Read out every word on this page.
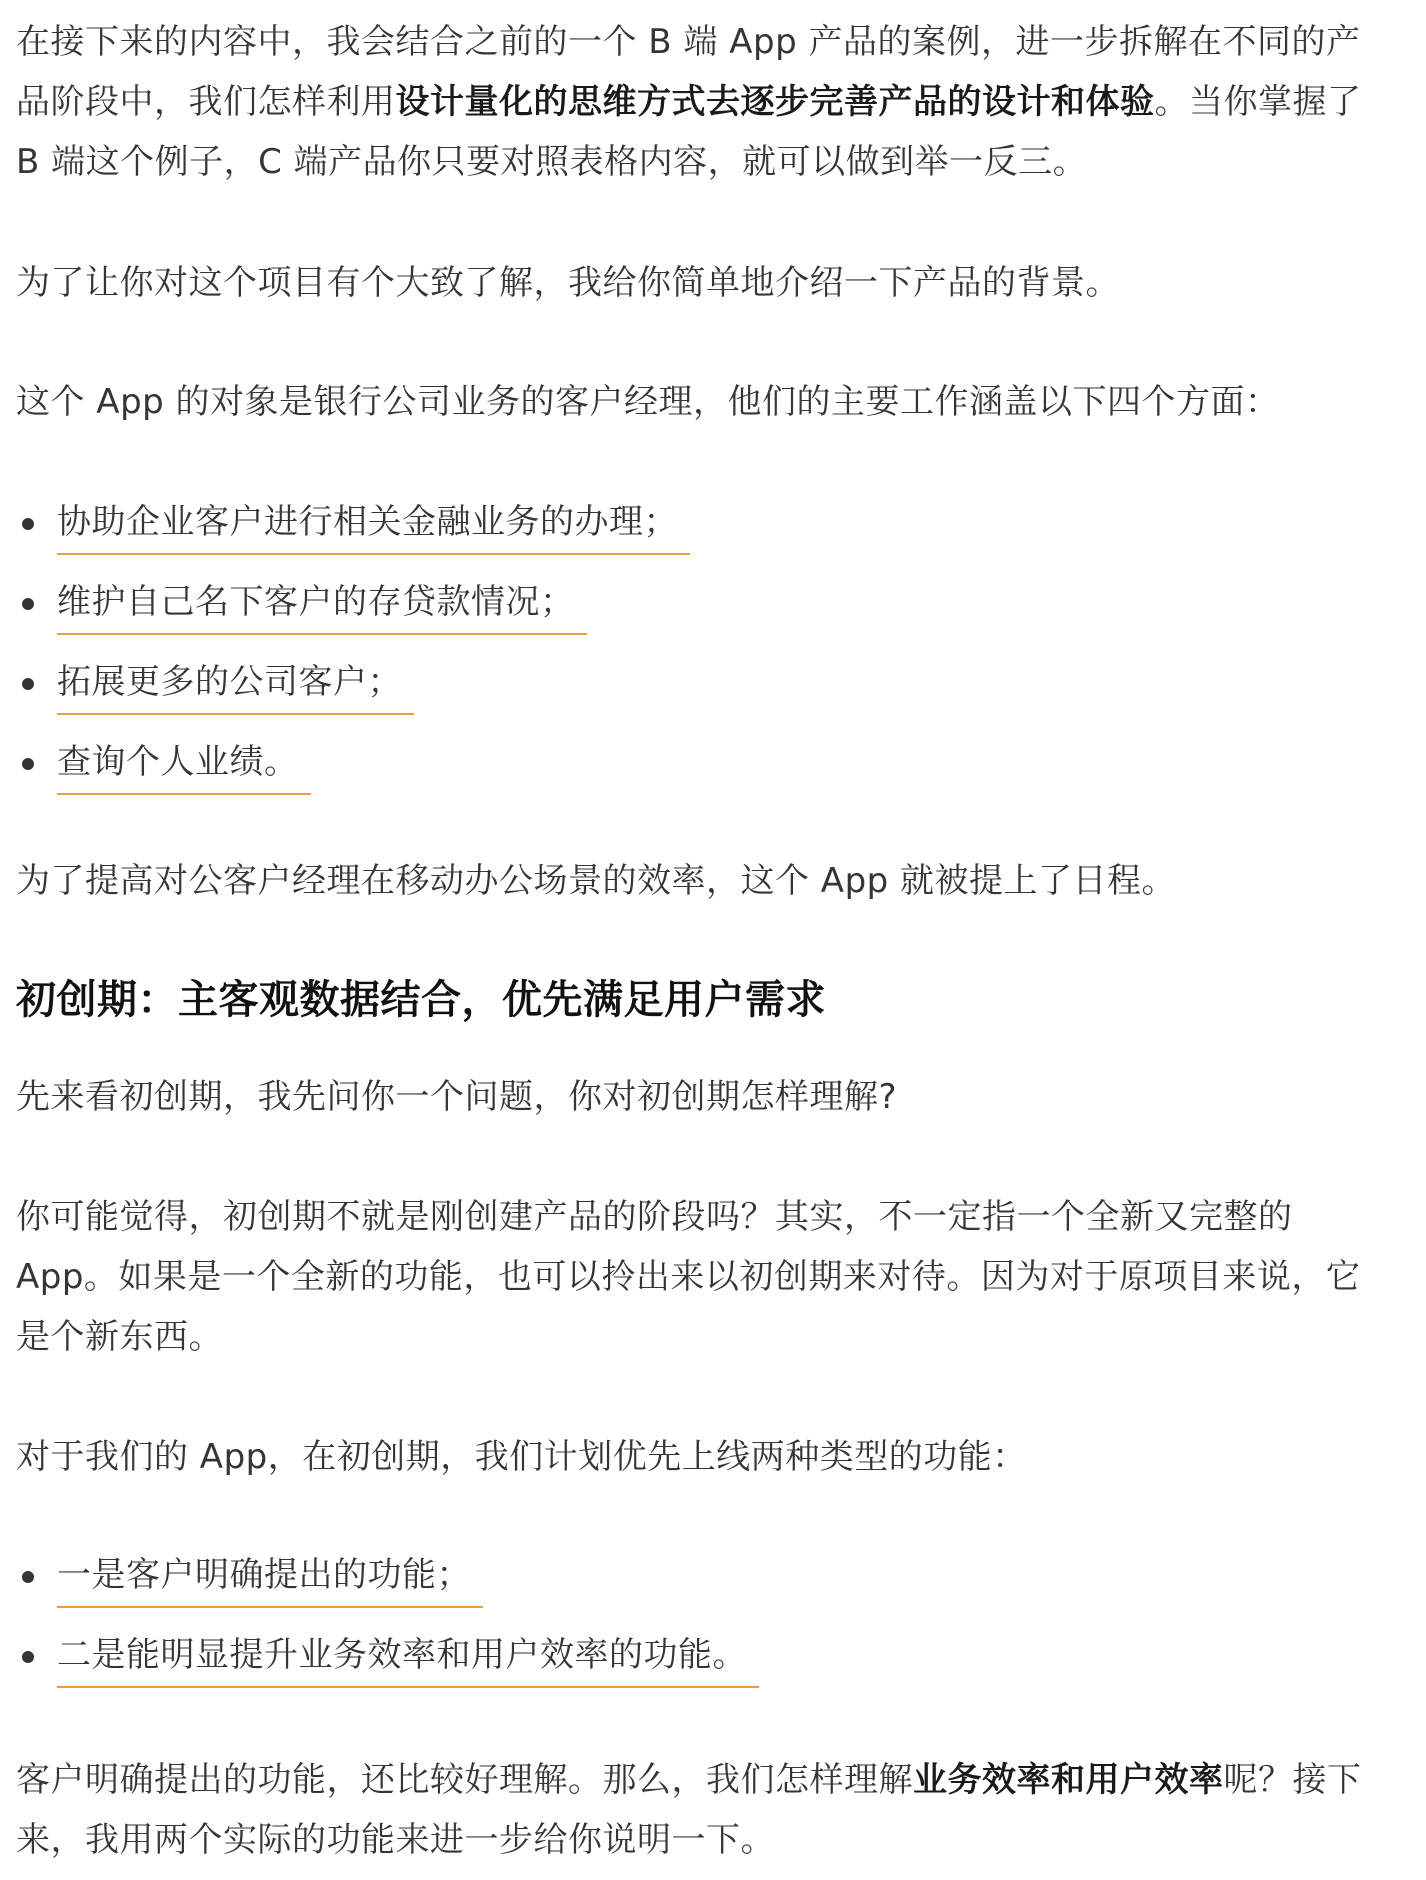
在接下来的内容中，我会结合之前的一个 B 端 App 产品的案例，进一步拆解在不同的产品阶段中，我们怎样利用设计量化的思维方式去逐步完善产品的设计和体验。当你掌握了 B 端这个例子，C 端产品你只要对照表格内容，就可以做到举一反三。

为了让你对这个项目有个大致了解，我给你简单地介绍一下产品的背景。

这个 App 的对象是银行公司业务的客户经理，他们的主要工作涵盖以下四个方面：

协助企业客户进行相关金融业务的办理；
维护自己名下客户的存贷款情况；
拓展更多的公司客户；
查询个人业绩。

为了提高对公客户经理在移动办公场景的效率，这个 App 就被提上了日程。

初创期：主客观数据结合，优先满足用户需求

先来看初创期，我先问你一个问题，你对初创期怎样理解?

你可能觉得，初创期不就是刚创建产品的阶段吗？其实，不一定指一个全新又完整的 App。如果是一个全新的功能，也可以拎出来以初创期来对待。因为对于原项目来说，它是个新东西。

对于我们的 App，在初创期，我们计划优先上线两种类型的功能：

一是客户明确提出的功能；
二是能明显提升业务效率和用户效率的功能。

客户明确提出的功能，还比较好理解。那么，我们怎样理解业务效率和用户效率呢？接下来，我用两个实际的功能来进一步给你说明一下。
